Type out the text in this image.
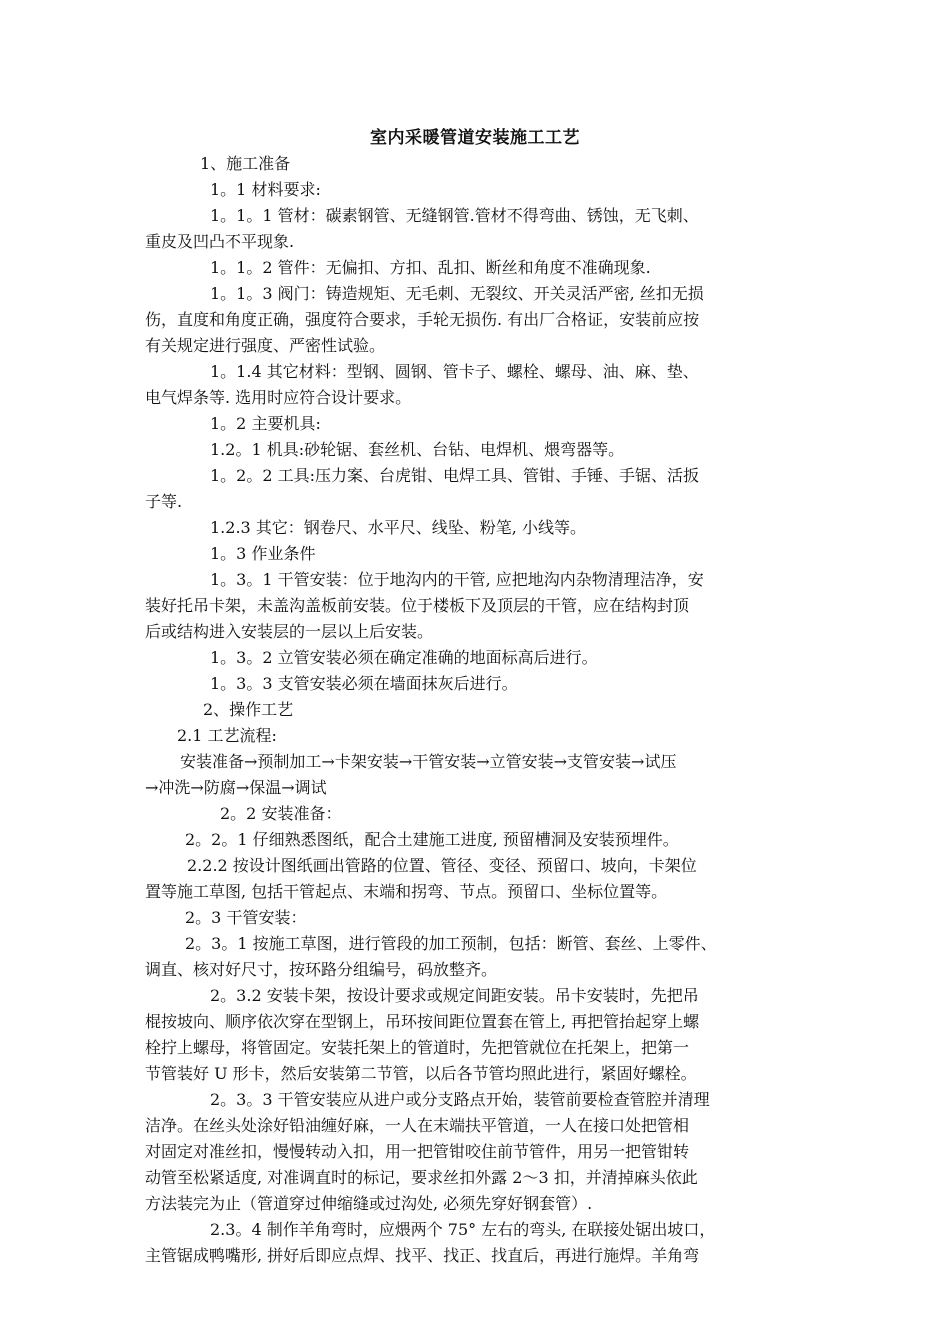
室内采暖管道安装施工工艺

1、施工准备

1。1 材料要求:

1。1。1 管材：碳素钢管、无缝钢管.管材不得弯曲、锈蚀，无飞刺、

重皮及凹凸不平现象.

1。1。2 管件：无偏扣、方扣、乱扣、断丝和角度不准确现象.

1。1。3 阀门：铸造规矩、无毛刺、无裂纹、开关灵活严密, 丝扣无损

伤，直度和角度正确，强度符合要求，手轮无损伤. 有出厂合格证，安装前应按

有关规定进行强度、严密性试验。

1。1.4 其它材料：型钢、圆钢、管卡子、螺栓、螺母、油、麻、垫、

电气焊条等. 选用时应符合设计要求。

1。2 主要机具:

1.2。1 机具:砂轮锯、套丝机、台钻、电焊机、煨弯器等。

1。2。2 工具:压力案、台虎钳、电焊工具、管钳、手锤、手锯、活扳

子等.

1.2.3 其它：钢卷尺、水平尺、线坠、粉笔, 小线等。

1。3 作业条件

1。3。1 干管安装：位于地沟内的干管, 应把地沟内杂物清理洁净，安

装好托吊卡架，未盖沟盖板前安装。位于楼板下及顶层的干管，应在结构封顶

后或结构进入安装层的一层以上后安装。

1。3。2 立管安装必须在确定准确的地面标高后进行。

1。3。3 支管安装必须在墙面抹灰后进行。

2、操作工艺

2.1 工艺流程:

安装准备→预制加工→卡架安装→干管安装→立管安装→支管安装→试压

→冲洗→防腐→保温→调试

2。2 安装准备：

2。2。1 仔细熟悉图纸，配合土建施工进度, 预留槽洞及安装预埋件。

2.2.2 按设计图纸画出管路的位置、管径、变径、预留口、坡向，卡架位

置等施工草图, 包括干管起点、末端和拐弯、节点。预留口、坐标位置等。

2。3 干管安装：

2。3。1 按施工草图，进行管段的加工预制，包括：断管、套丝、上零件、

调直、核对好尺寸，按环路分组编号，码放整齐。

2。3.2 安装卡架，按设计要求或规定间距安装。吊卡安装时，先把吊

棍按坡向、顺序依次穿在型钢上，吊环按间距位置套在管上, 再把管抬起穿上螺

栓拧上螺母，将管固定。安装托架上的管道时，先把管就位在托架上，把第一

节管装好 U 形卡，然后安装第二节管，以后各节管均照此进行，紧固好螺栓。

2。3。3 干管安装应从进户或分支路点开始，装管前要检查管腔并清理

洁净。在丝头处涂好铅油缠好麻，一人在末端扶平管道，一人在接口处把管相

对固定对准丝扣，慢慢转动入扣，用一把管钳咬住前节管件，用另一把管钳转

动管至松紧适度, 对准调直时的标记，要求丝扣外露 2～3 扣，并清掉麻头依此

方法装完为止（管道穿过伸缩缝或过沟处, 必须先穿好钢套管）.

2.3。4 制作羊角弯时，应煨两个 75° 左右的弯头, 在联接处锯出坡口，

主管锯成鸭嘴形, 拼好后即应点焊、找平、找正、找直后，再进行施焊。羊角弯
